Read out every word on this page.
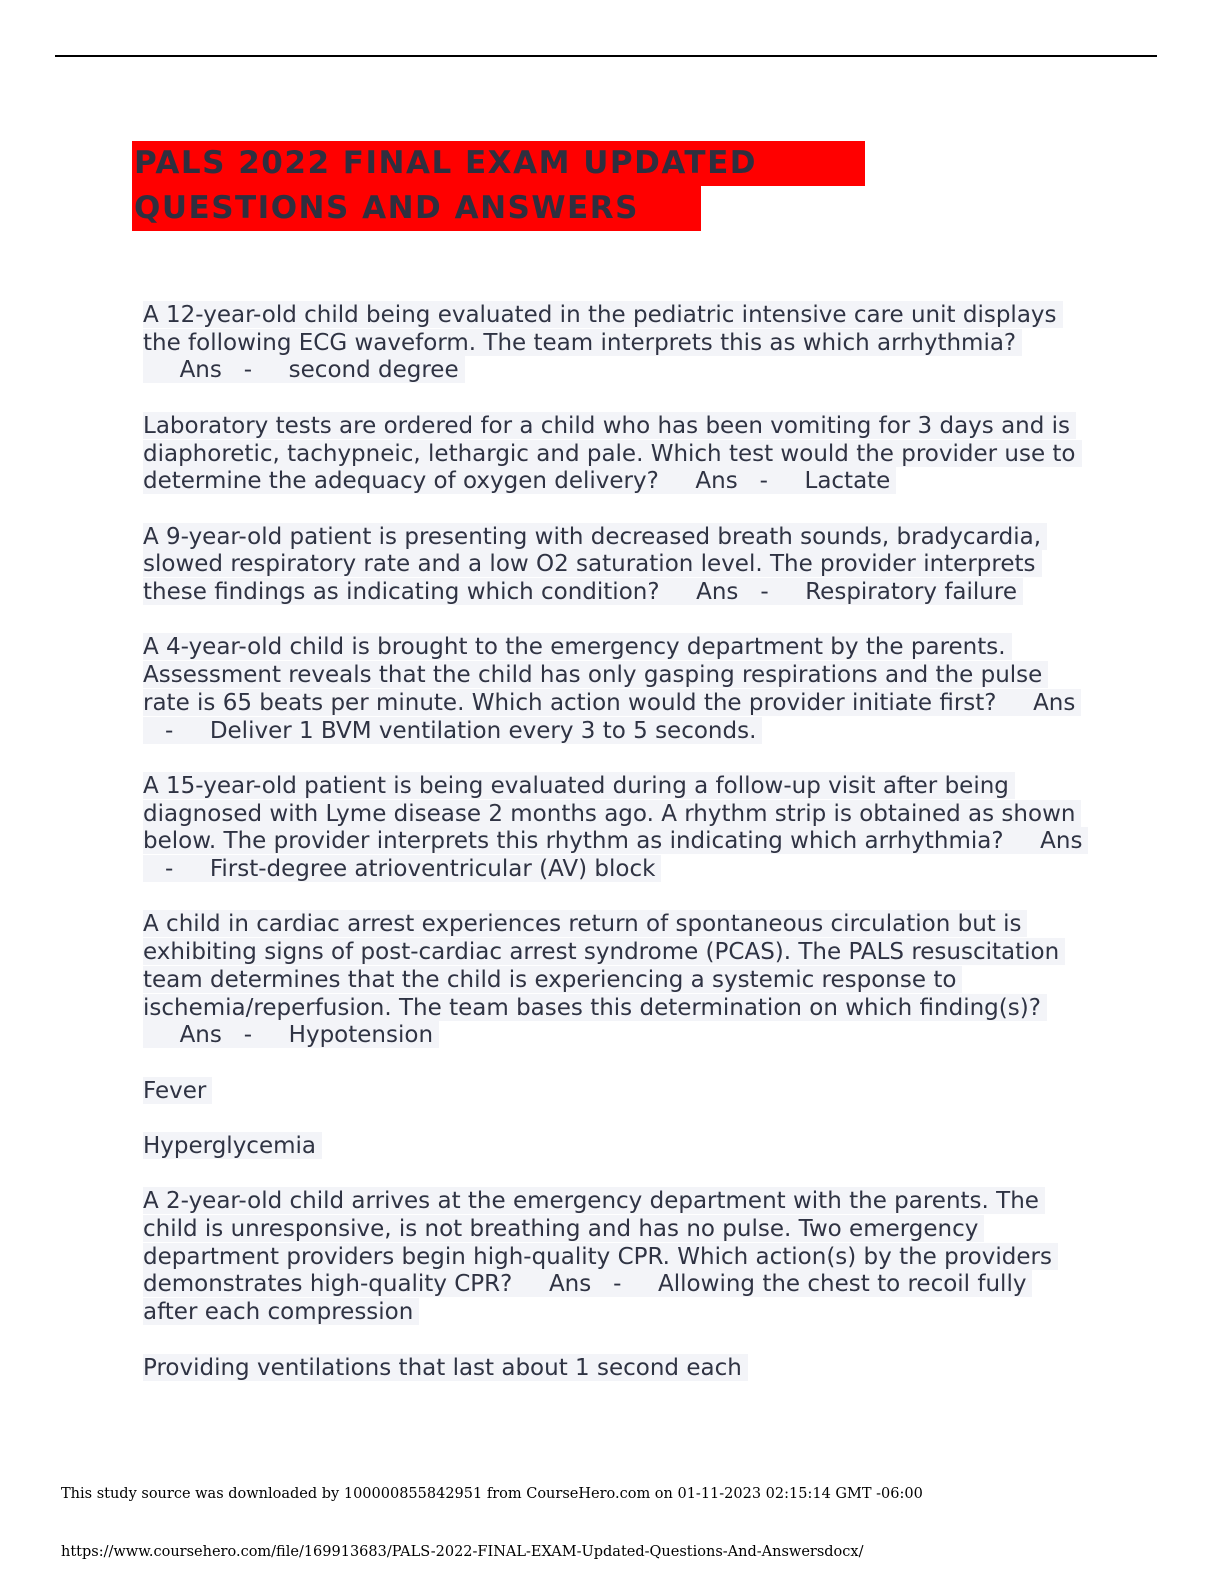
PALS 2022 FINAL EXAM UPDATED
QUESTIONS AND ANSWERS

A 12-year-old child being evaluated in the pediatric intensive care unit displays the following ECG waveform. The team interprets this as which arrhythmia?     Ans - second degree

Laboratory tests are ordered for a child who has been vomiting for 3 days and is diaphoretic, tachypneic, lethargic and pale. Which test would the provider use to determine the adequacy of oxygen delivery? Ans - Lactate

A 9-year-old patient is presenting with decreased breath sounds, bradycardia, slowed respiratory rate and a low O2 saturation level. The provider interprets these findings as indicating which condition? Ans - Respiratory failure

A 4-year-old child is brought to the emergency department by the parents. Assessment reveals that the child has only gasping respirations and the pulse rate is 65 beats per minute. Which action would the provider initiate first? Ans   - Deliver 1 BVM ventilation every 3 to 5 seconds.

A 15-year-old patient is being evaluated during a follow-up visit after being diagnosed with Lyme disease 2 months ago. A rhythm strip is obtained as shown below. The provider interprets this rhythm as indicating which arrhythmia? Ans   - First-degree atrioventricular (AV) block

A child in cardiac arrest experiences return of spontaneous circulation but is exhibiting signs of post-cardiac arrest syndrome (PCAS). The PALS resuscitation team determines that the child is experiencing a systemic response to ischemia/reperfusion. The team bases this determination on which finding(s)?     Ans - Hypotension

Fever

Hyperglycemia

A 2-year-old child arrives at the emergency department with the parents. The child is unresponsive, is not breathing and has no pulse. Two emergency department providers begin high-quality CPR. Which action(s) by the providers demonstrates high-quality CPR? Ans - Allowing the chest to recoil fully after each compression

Providing ventilations that last about 1 second each

This study source was downloaded by 100000855842951 from CourseHero.com on 01-11-2023 02:15:14 GMT -06:00
https://www.coursehero.com/file/169913683/PALS-2022-FINAL-EXAM-Updated-Questions-And-Answersdocx/
